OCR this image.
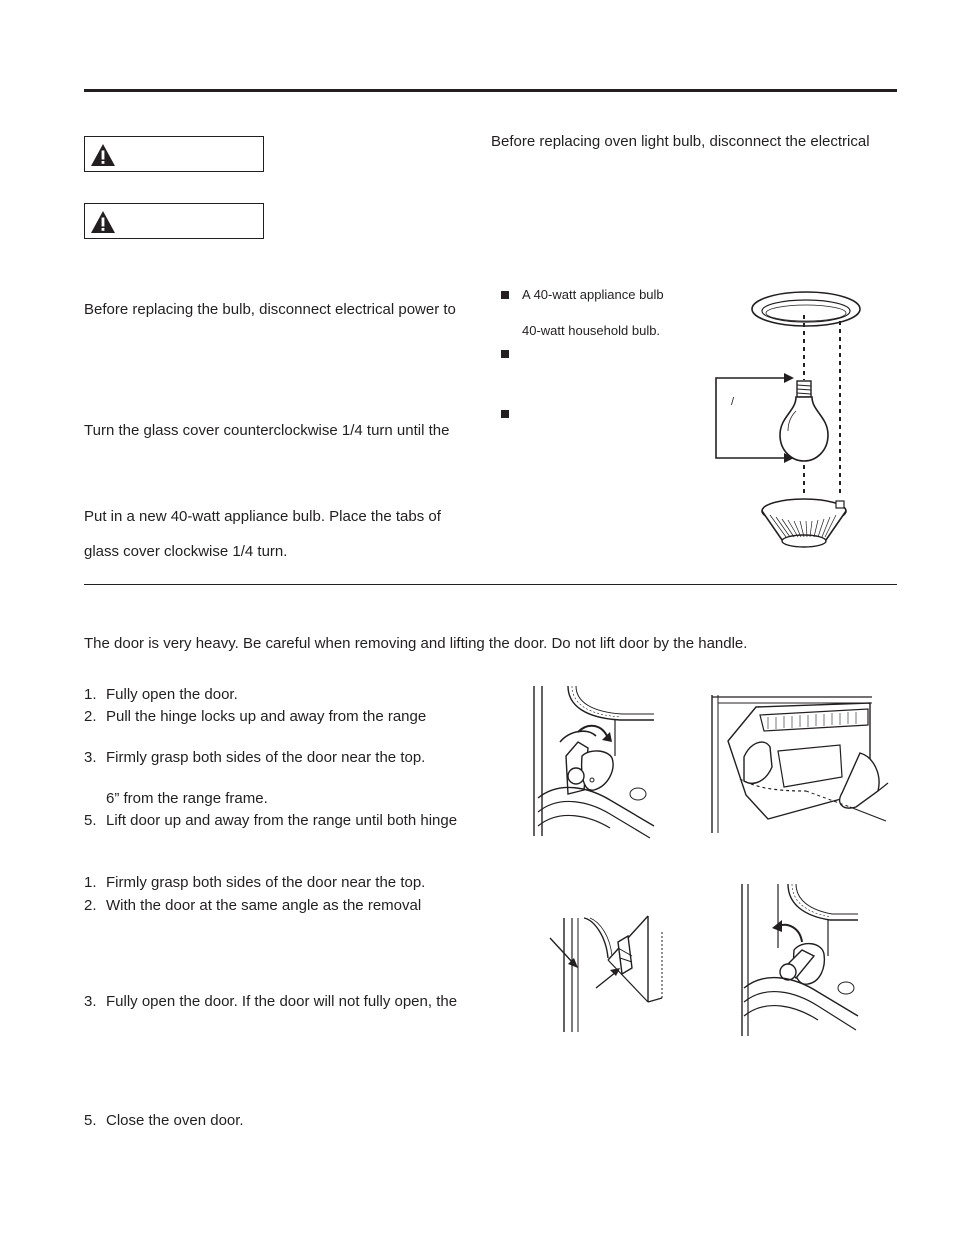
Before replacing the bulb, disconnect electrical power to
Turn the glass cover counterclockwise 1/4 turn until the
Put in a new 40-watt appliance bulb. Place the tabs of
glass cover clockwise 1/4 turn.
Before replacing oven light bulb, disconnect the electrical
A 40-watt appliance bulb
40-watt household bulb.
/
The door is very heavy. Be careful when removing and lifting the door. Do not lift door by the handle.
1. Fully open the door.
2. Pull the hinge locks up and away from the range
3. Firmly grasp both sides of the door near the top.
6” from the range frame.
5. Lift door up and away from the range until both hinge
1. Firmly grasp both sides of the door near the top.
2. With the door at the same angle as the removal
3. Fully open the door. If the door will not fully open, the
5. Close the oven door.
